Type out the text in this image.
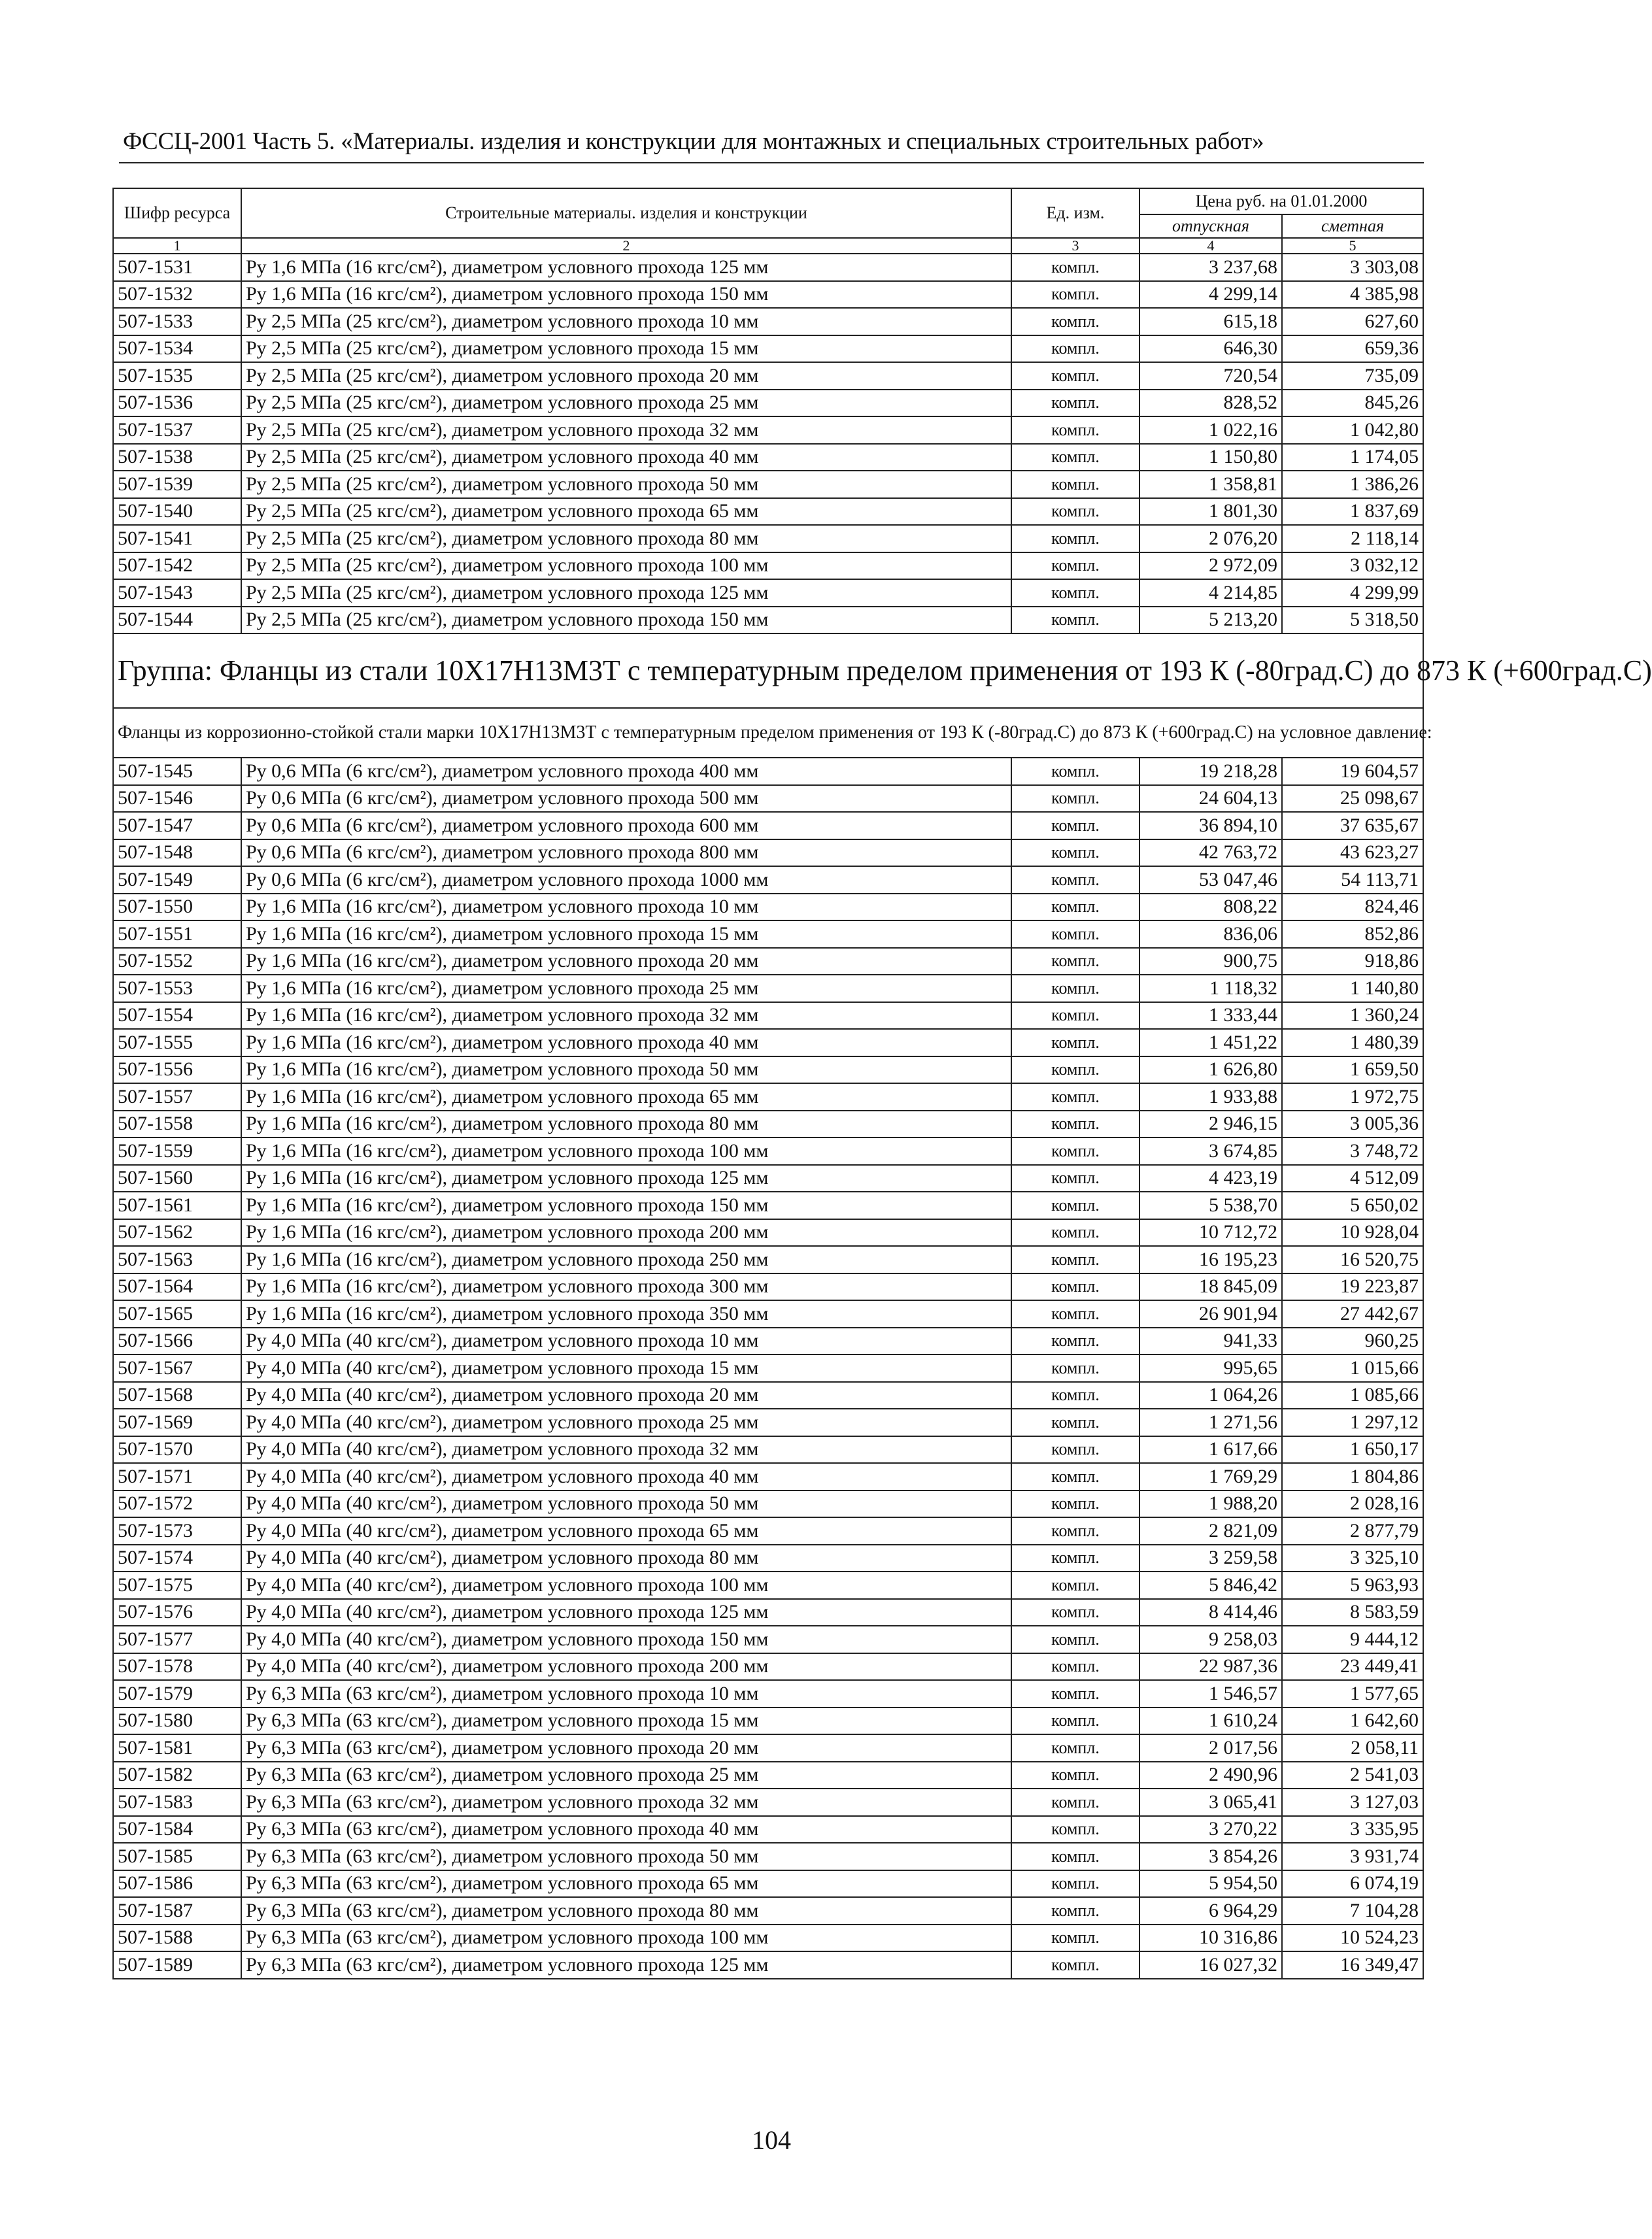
ФССЦ-2001 Часть 5. «Материалы. изделия и конструкции для монтажных и специальных строительных работ»
Шифр ресурса	Строительные материалы. изделия и конструкции	Ед. изм.	Цена руб. на 01.01.2000	
			отпускная	сметная
1	2	3	4	5
507-1531	Ру 1,6 МПа (16 кгс/см²), диаметром условного прохода 125 мм	компл.	3 237,68	3 303,08
507-1532	Ру 1,6 МПа (16 кгс/см²), диаметром условного прохода 150 мм	компл.	4 299,14	4 385,98
507-1533	Ру 2,5 МПа (25 кгс/см²), диаметром условного прохода 10 мм	компл.	615,18	627,60
507-1534	Ру 2,5 МПа (25 кгс/см²), диаметром условного прохода 15 мм	компл.	646,30	659,36
507-1535	Ру 2,5 МПа (25 кгс/см²), диаметром условного прохода 20 мм	компл.	720,54	735,09
507-1536	Ру 2,5 МПа (25 кгс/см²), диаметром условного прохода 25 мм	компл.	828,52	845,26
507-1537	Ру 2,5 МПа (25 кгс/см²), диаметром условного прохода 32 мм	компл.	1 022,16	1 042,80
507-1538	Ру 2,5 МПа (25 кгс/см²), диаметром условного прохода 40 мм	компл.	1 150,80	1 174,05
507-1539	Ру 2,5 МПа (25 кгс/см²), диаметром условного прохода 50 мм	компл.	1 358,81	1 386,26
507-1540	Ру 2,5 МПа (25 кгс/см²), диаметром условного прохода 65 мм	компл.	1 801,30	1 837,69
507-1541	Ру 2,5 МПа (25 кгс/см²), диаметром условного прохода 80 мм	компл.	2 076,20	2 118,14
507-1542	Ру 2,5 МПа (25 кгс/см²), диаметром условного прохода 100 мм	компл.	2 972,09	3 032,12
507-1543	Ру 2,5 МПа (25 кгс/см²), диаметром условного прохода 125 мм	компл.	4 214,85	4 299,99
507-1544	Ру 2,5 МПа (25 кгс/см²), диаметром условного прохода 150 мм	компл.	5 213,20	5 318,50
Группа: Фланцы из стали 10Х17Н13М3Т с температурным пределом применения от 193 К (-80град.С) до 873 К (+600град.С)				
Фланцы из коррозионно-стойкой стали марки 10Х17Н13М3Т с температурным пределом применения от 193 К (-80град.С) до 873 К (+600град.С) на условное давление:				
507-1545	Ру 0,6 МПа (6 кгс/см²), диаметром условного прохода 400 мм	компл.	19 218,28	19 604,57
507-1546	Ру 0,6 МПа (6 кгс/см²), диаметром условного прохода 500 мм	компл.	24 604,13	25 098,67
507-1547	Ру 0,6 МПа (6 кгс/см²), диаметром условного прохода 600 мм	компл.	36 894,10	37 635,67
507-1548	Ру 0,6 МПа (6 кгс/см²), диаметром условного прохода 800 мм	компл.	42 763,72	43 623,27
507-1549	Ру 0,6 МПа (6 кгс/см²), диаметром условного прохода 1000 мм	компл.	53 047,46	54 113,71
507-1550	Ру 1,6 МПа (16 кгс/см²), диаметром условного прохода 10 мм	компл.	808,22	824,46
507-1551	Ру 1,6 МПа (16 кгс/см²), диаметром условного прохода 15 мм	компл.	836,06	852,86
507-1552	Ру 1,6 МПа (16 кгс/см²), диаметром условного прохода 20 мм	компл.	900,75	918,86
507-1553	Ру 1,6 МПа (16 кгс/см²), диаметром условного прохода 25 мм	компл.	1 118,32	1 140,80
507-1554	Ру 1,6 МПа (16 кгс/см²), диаметром условного прохода 32 мм	компл.	1 333,44	1 360,24
507-1555	Ру 1,6 МПа (16 кгс/см²), диаметром условного прохода 40 мм	компл.	1 451,22	1 480,39
507-1556	Ру 1,6 МПа (16 кгс/см²), диаметром условного прохода 50 мм	компл.	1 626,80	1 659,50
507-1557	Ру 1,6 МПа (16 кгс/см²), диаметром условного прохода 65 мм	компл.	1 933,88	1 972,75
507-1558	Ру 1,6 МПа (16 кгс/см²), диаметром условного прохода 80 мм	компл.	2 946,15	3 005,36
507-1559	Ру 1,6 МПа (16 кгс/см²), диаметром условного прохода 100 мм	компл.	3 674,85	3 748,72
507-1560	Ру 1,6 МПа (16 кгс/см²), диаметром условного прохода 125 мм	компл.	4 423,19	4 512,09
507-1561	Ру 1,6 МПа (16 кгс/см²), диаметром условного прохода 150 мм	компл.	5 538,70	5 650,02
507-1562	Ру 1,6 МПа (16 кгс/см²), диаметром условного прохода 200 мм	компл.	10 712,72	10 928,04
507-1563	Ру 1,6 МПа (16 кгс/см²), диаметром условного прохода 250 мм	компл.	16 195,23	16 520,75
507-1564	Ру 1,6 МПа (16 кгс/см²), диаметром условного прохода 300 мм	компл.	18 845,09	19 223,87
507-1565	Ру 1,6 МПа (16 кгс/см²), диаметром условного прохода 350 мм	компл.	26 901,94	27 442,67
507-1566	Ру 4,0 МПа (40 кгс/см²), диаметром условного прохода 10 мм	компл.	941,33	960,25
507-1567	Ру 4,0 МПа (40 кгс/см²), диаметром условного прохода 15 мм	компл.	995,65	1 015,66
507-1568	Ру 4,0 МПа (40 кгс/см²), диаметром условного прохода 20 мм	компл.	1 064,26	1 085,66
507-1569	Ру 4,0 МПа (40 кгс/см²), диаметром условного прохода 25 мм	компл.	1 271,56	1 297,12
507-1570	Ру 4,0 МПа (40 кгс/см²), диаметром условного прохода 32 мм	компл.	1 617,66	1 650,17
507-1571	Ру 4,0 МПа (40 кгс/см²), диаметром условного прохода 40 мм	компл.	1 769,29	1 804,86
507-1572	Ру 4,0 МПа (40 кгс/см²), диаметром условного прохода 50 мм	компл.	1 988,20	2 028,16
507-1573	Ру 4,0 МПа (40 кгс/см²), диаметром условного прохода 65 мм	компл.	2 821,09	2 877,79
507-1574	Ру 4,0 МПа (40 кгс/см²), диаметром условного прохода 80 мм	компл.	3 259,58	3 325,10
507-1575	Ру 4,0 МПа (40 кгс/см²), диаметром условного прохода 100 мм	компл.	5 846,42	5 963,93
507-1576	Ру 4,0 МПа (40 кгс/см²), диаметром условного прохода 125 мм	компл.	8 414,46	8 583,59
507-1577	Ру 4,0 МПа (40 кгс/см²), диаметром условного прохода 150 мм	компл.	9 258,03	9 444,12
507-1578	Ру 4,0 МПа (40 кгс/см²), диаметром условного прохода 200 мм	компл.	22 987,36	23 449,41
507-1579	Ру 6,3 МПа (63 кгс/см²), диаметром условного прохода 10 мм	компл.	1 546,57	1 577,65
507-1580	Ру 6,3 МПа (63 кгс/см²), диаметром условного прохода 15 мм	компл.	1 610,24	1 642,60
507-1581	Ру 6,3 МПа (63 кгс/см²), диаметром условного прохода 20 мм	компл.	2 017,56	2 058,11
507-1582	Ру 6,3 МПа (63 кгс/см²), диаметром условного прохода 25 мм	компл.	2 490,96	2 541,03
507-1583	Ру 6,3 МПа (63 кгс/см²), диаметром условного прохода 32 мм	компл.	3 065,41	3 127,03
507-1584	Ру 6,3 МПа (63 кгс/см²), диаметром условного прохода 40 мм	компл.	3 270,22	3 335,95
507-1585	Ру 6,3 МПа (63 кгс/см²), диаметром условного прохода 50 мм	компл.	3 854,26	3 931,74
507-1586	Ру 6,3 МПа (63 кгс/см²), диаметром условного прохода 65 мм	компл.	5 954,50	6 074,19
507-1587	Ру 6,3 МПа (63 кгс/см²), диаметром условного прохода 80 мм	компл.	6 964,29	7 104,28
507-1588	Ру 6,3 МПа (63 кгс/см²), диаметром условного прохода 100 мм	компл.	10 316,86	10 524,23
507-1589	Ру 6,3 МПа (63 кгс/см²), диаметром условного прохода 125 мм	компл.	16 027,32	16 349,47
104
